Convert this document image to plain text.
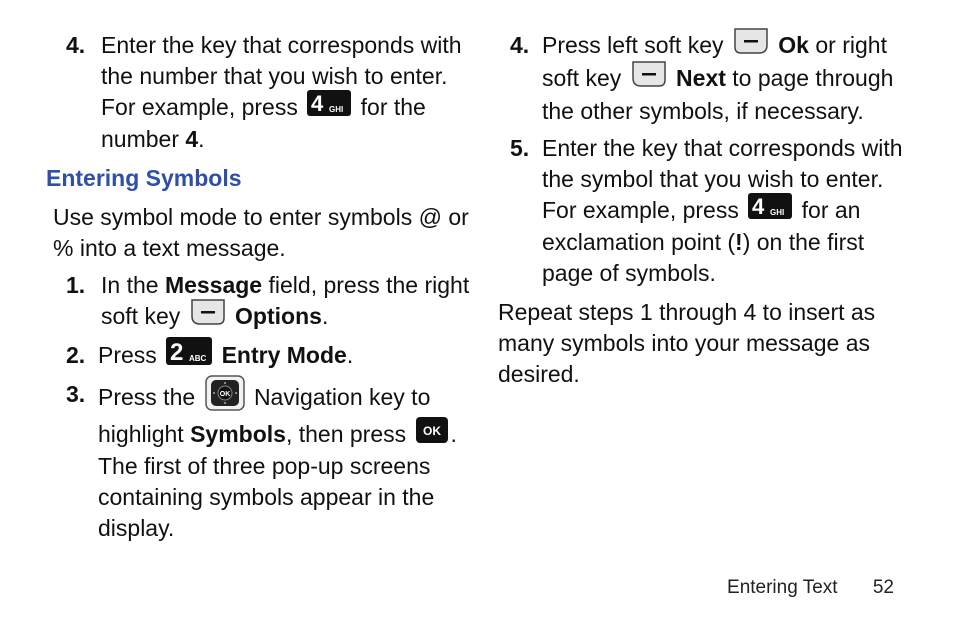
4. Enter the key that corresponds with
the number that you wish to enter.
For example, press 4 GHI for the
number 4.
Entering Symbols
Use symbol mode to enter symbols @ or
% into a text message.
1. In the Message field, press the right
soft key Options.
2. Press 2 ABC Entry Mode.
3. Press the	OK Navigation key to
highlight Symbols, then press OK .
The first of three pop-up screens
containing symbols appear in the
display.
4. Press left soft key Ok or right
soft key Next to page through
the other symbols, if necessary.
5. Enter the key that corresponds with
the symbol that you wish to enter.
For example, press 4 GHI for an
exclamation point (!) on the first
page of symbols.
Repeat steps 1 through 4 to insert as
many symbols into your message as
desired.
Entering Text 52
